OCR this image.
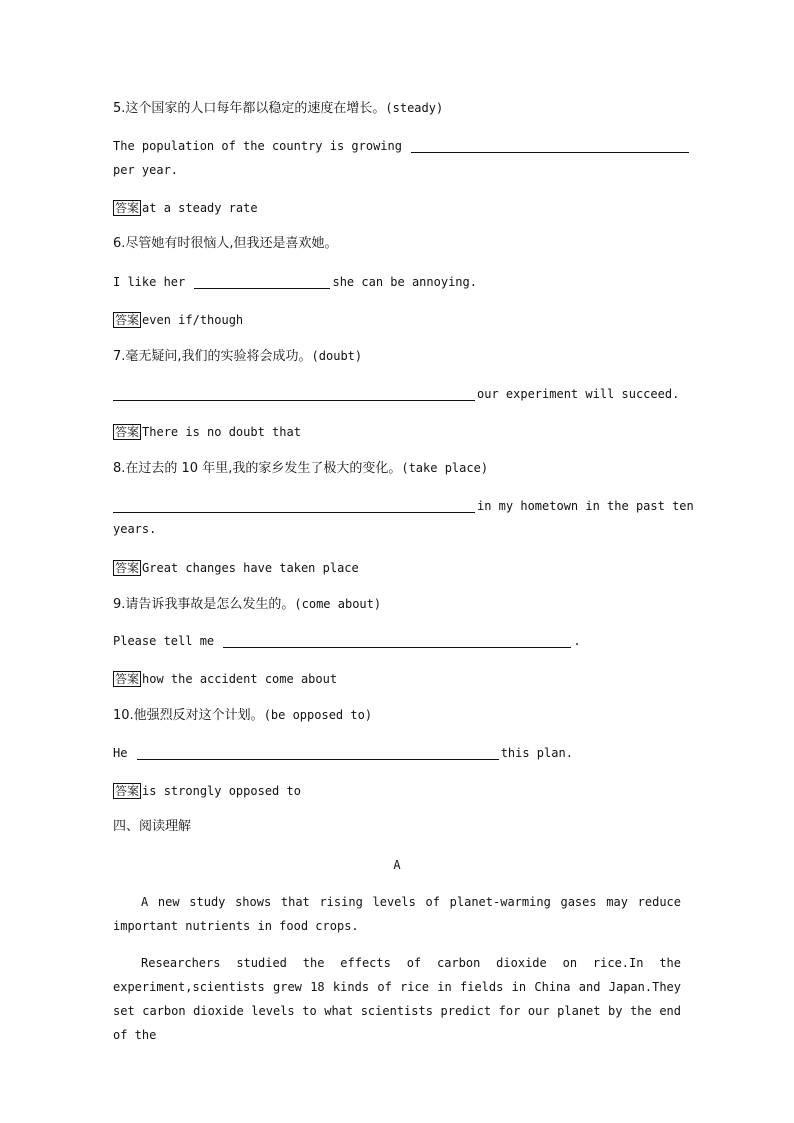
5.这个国家的人口每年都以稳定的速度在增长。(steady)
The population of the country is growing
per year.
答案 at a steady rate
6.尽管她有时很恼人,但我还是喜欢她。
I like her	she can be annoying.
答案 even if/though
7.毫无疑问,我们的实验将会成功。(doubt)
our experiment will succeed.
答案 There is no doubt that
8.在过去的 10 年里,我的家乡发生了极大的变化。(take place)
in my hometown in the past ten
years.
答案 Great changes have taken place
9.请告诉我事故是怎么发生的。(come about)
Please tell me	.
答案 how the accident come about
10.他强烈反对这个计划。(be opposed to)
He	this plan.
答案 is strongly opposed to
四、阅读理解
A

A new study shows that rising levels of planet-warming gases may reduce important nutrients in food crops.

Researchers studied the effects of carbon dioxide on rice.In the experiment,scientists grew 18 kinds of rice in fields in China and Japan.They set carbon dioxide levels to what scientists predict for our planet by the end of the
